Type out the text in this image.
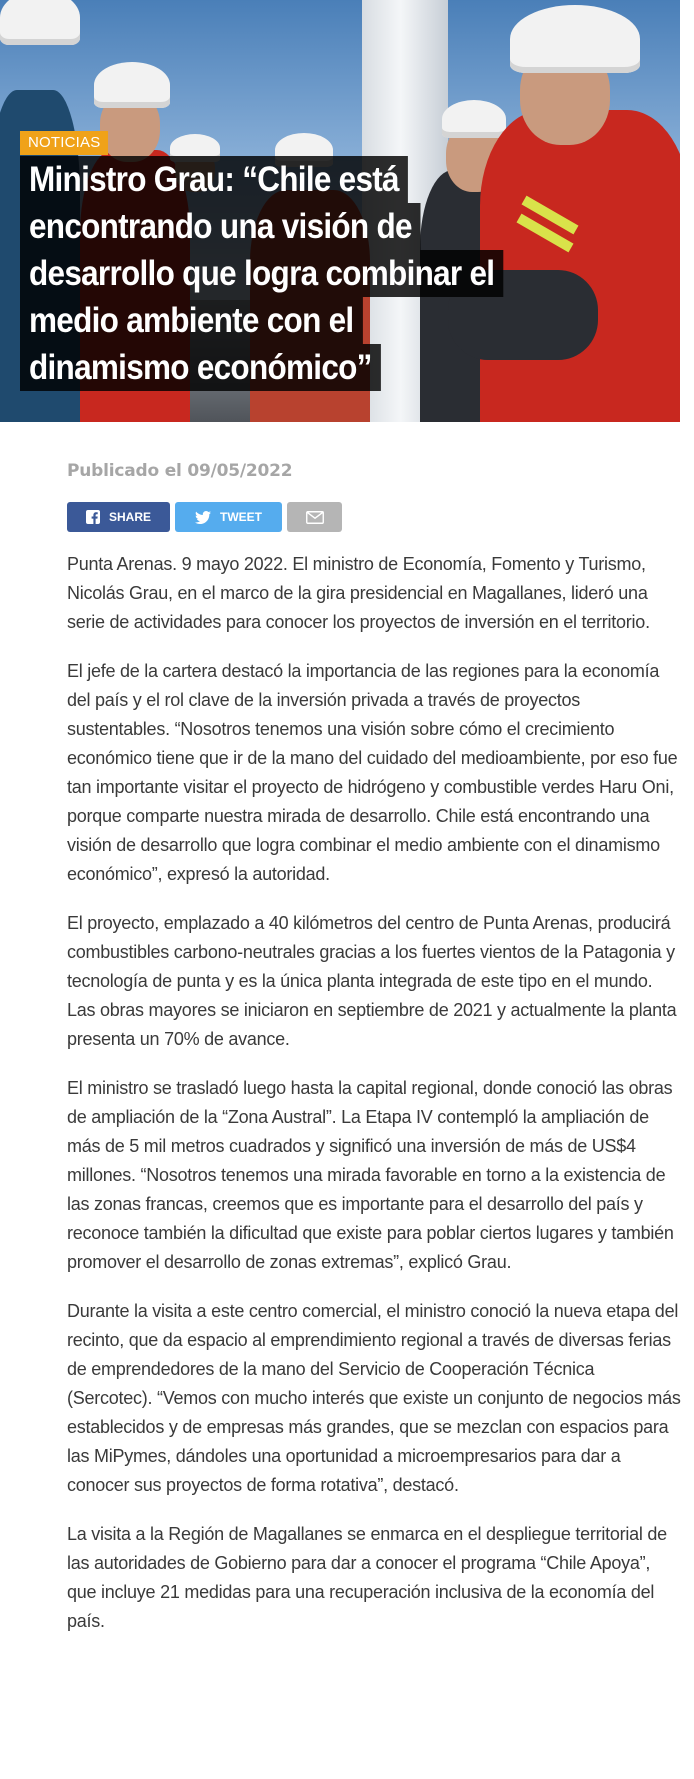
NOTICIAS
Ministro Grau: “Chile está
encontrando una visión de
desarrollo que logra combinar el
medio ambiente con el
dinamismo económico”

Publicado el 09/05/2022

SHARE	TWEET

Punta Arenas. 9 mayo 2022. El ministro de Economía, Fomento y Turismo, Nicolás Grau, en el marco de la gira presidencial en Magallanes, lideró una serie de actividades para conocer los proyectos de inversión en el territorio.

El jefe de la cartera destacó la importancia de las regiones para la economía del país y el rol clave de la inversión privada a través de proyectos sustentables. “Nosotros tenemos una visión sobre cómo el crecimiento económico tiene que ir de la mano del cuidado del medioambiente, por eso fue tan importante visitar el proyecto de hidrógeno y combustible verdes Haru Oni, porque comparte nuestra mirada de desarrollo. Chile está encontrando una visión de desarrollo que logra combinar el medio ambiente con el dinamismo económico”, expresó la autoridad.

El proyecto, emplazado a 40 kilómetros del centro de Punta Arenas, producirá combustibles carbono-neutrales gracias a los fuertes vientos de la Patagonia y tecnología de punta y es la única planta integrada de este tipo en el mundo. Las obras mayores se iniciaron en septiembre de 2021 y actualmente la planta presenta un 70% de avance.

El ministro se trasladó luego hasta la capital regional, donde conoció las obras de ampliación de la “Zona Austral”. La Etapa IV contempló la ampliación de más de 5 mil metros cuadrados y significó una inversión de más de US$4 millones. “Nosotros tenemos una mirada favorable en torno a la existencia de las zonas francas, creemos que es importante para el desarrollo del país y reconoce también la dificultad que existe para poblar ciertos lugares y también promover el desarrollo de zonas extremas”, explicó Grau.

Durante la visita a este centro comercial, el ministro conoció la nueva etapa del recinto, que da espacio al emprendimiento regional a través de diversas ferias de emprendedores de la mano del Servicio de Cooperación Técnica (Sercotec). “Vemos con mucho interés que existe un conjunto de negocios más establecidos y de empresas más grandes, que se mezclan con espacios para las MiPymes, dándoles una oportunidad a microempresarios para dar a conocer sus proyectos de forma rotativa”, destacó.

La visita a la Región de Magallanes se enmarca en el despliegue territorial de las autoridades de Gobierno para dar a conocer el programa “Chile Apoya”, que incluye 21 medidas para una recuperación inclusiva de la economía del país.
